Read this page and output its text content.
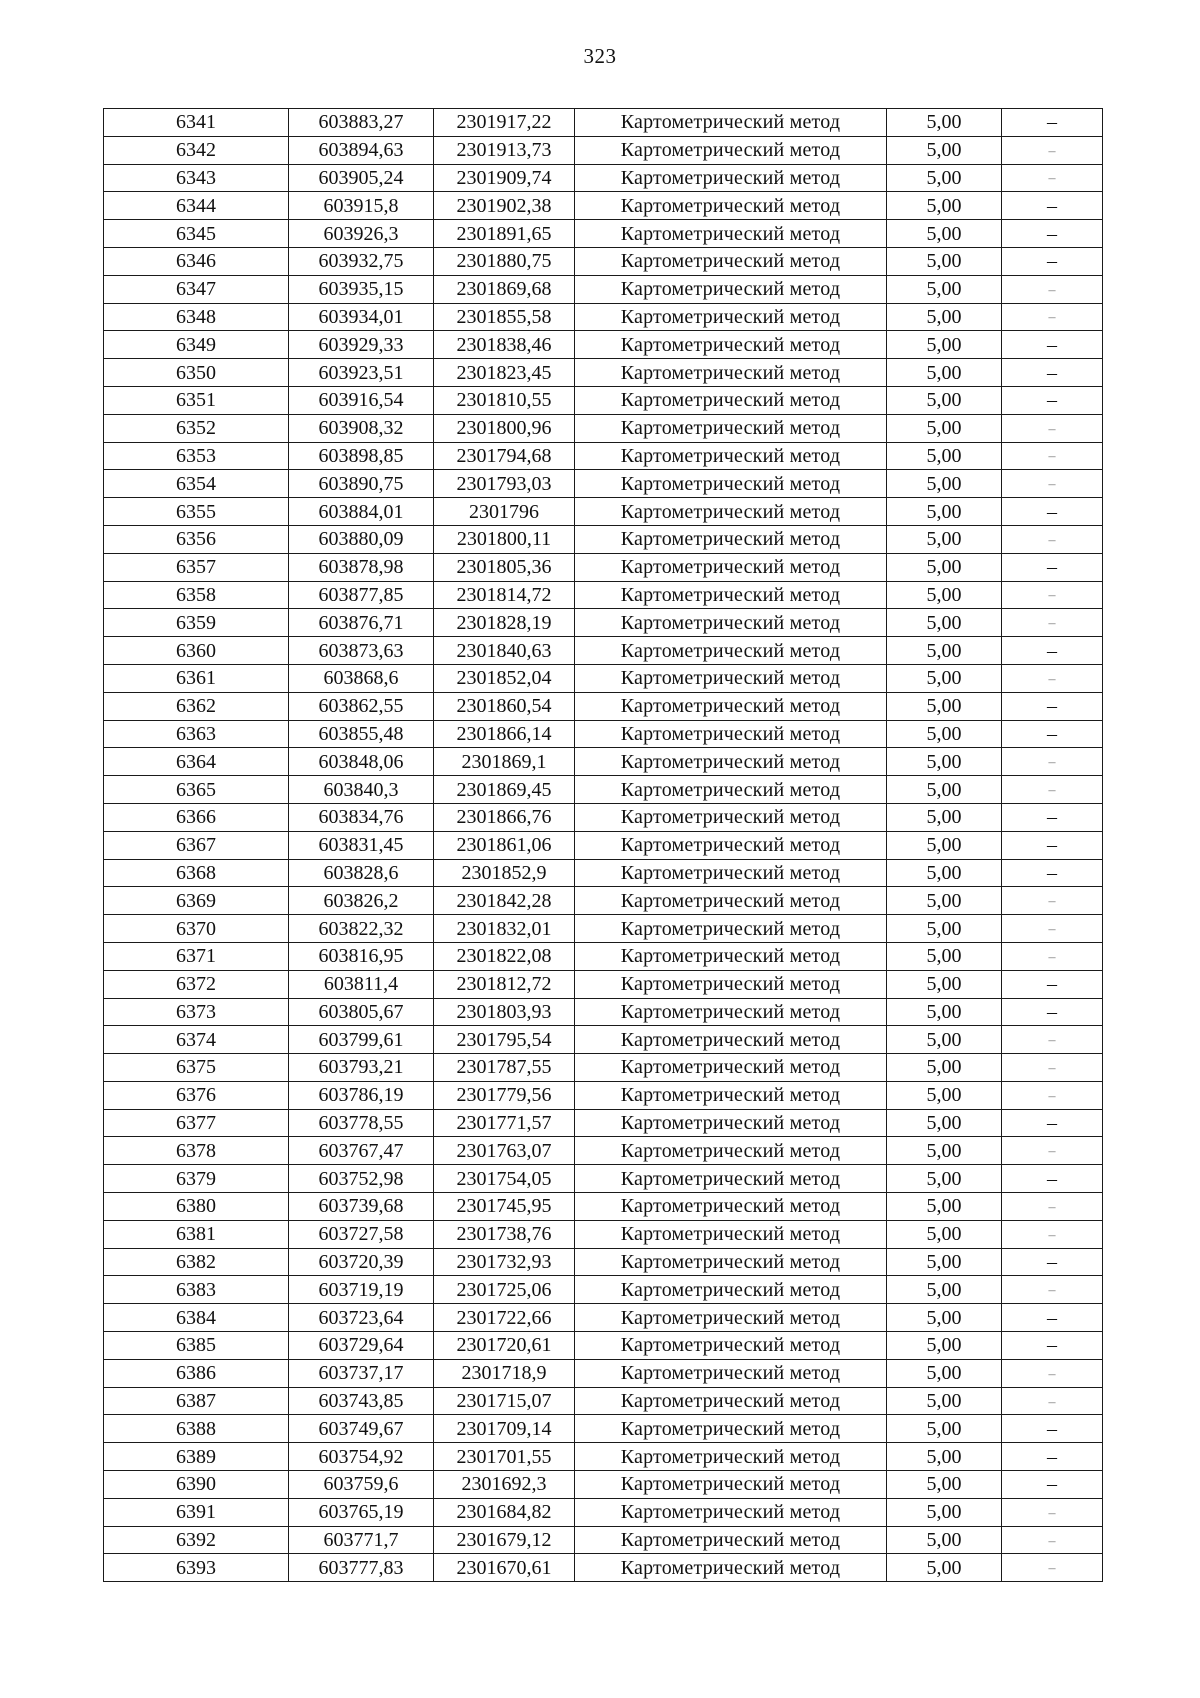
323
6341	603883,27	2301917,22	Картометрический метод	5,00	–
6342	603894,63	2301913,73	Картометрический метод	5,00	–
6343	603905,24	2301909,74	Картометрический метод	5,00	–
6344	603915,8	2301902,38	Картометрический метод	5,00	–
6345	603926,3	2301891,65	Картометрический метод	5,00	–
6346	603932,75	2301880,75	Картометрический метод	5,00	–
6347	603935,15	2301869,68	Картометрический метод	5,00	–
6348	603934,01	2301855,58	Картометрический метод	5,00	–
6349	603929,33	2301838,46	Картометрический метод	5,00	–
6350	603923,51	2301823,45	Картометрический метод	5,00	–
6351	603916,54	2301810,55	Картометрический метод	5,00	–
6352	603908,32	2301800,96	Картометрический метод	5,00	–
6353	603898,85	2301794,68	Картометрический метод	5,00	–
6354	603890,75	2301793,03	Картометрический метод	5,00	–
6355	603884,01	2301796	Картометрический метод	5,00	–
6356	603880,09	2301800,11	Картометрический метод	5,00	–
6357	603878,98	2301805,36	Картометрический метод	5,00	–
6358	603877,85	2301814,72	Картометрический метод	5,00	–
6359	603876,71	2301828,19	Картометрический метод	5,00	–
6360	603873,63	2301840,63	Картометрический метод	5,00	–
6361	603868,6	2301852,04	Картометрический метод	5,00	–
6362	603862,55	2301860,54	Картометрический метод	5,00	–
6363	603855,48	2301866,14	Картометрический метод	5,00	–
6364	603848,06	2301869,1	Картометрический метод	5,00	–
6365	603840,3	2301869,45	Картометрический метод	5,00	–
6366	603834,76	2301866,76	Картометрический метод	5,00	–
6367	603831,45	2301861,06	Картометрический метод	5,00	–
6368	603828,6	2301852,9	Картометрический метод	5,00	–
6369	603826,2	2301842,28	Картометрический метод	5,00	–
6370	603822,32	2301832,01	Картометрический метод	5,00	–
6371	603816,95	2301822,08	Картометрический метод	5,00	–
6372	603811,4	2301812,72	Картометрический метод	5,00	–
6373	603805,67	2301803,93	Картометрический метод	5,00	–
6374	603799,61	2301795,54	Картометрический метод	5,00	–
6375	603793,21	2301787,55	Картометрический метод	5,00	–
6376	603786,19	2301779,56	Картометрический метод	5,00	–
6377	603778,55	2301771,57	Картометрический метод	5,00	–
6378	603767,47	2301763,07	Картометрический метод	5,00	–
6379	603752,98	2301754,05	Картометрический метод	5,00	–
6380	603739,68	2301745,95	Картометрический метод	5,00	–
6381	603727,58	2301738,76	Картометрический метод	5,00	–
6382	603720,39	2301732,93	Картометрический метод	5,00	–
6383	603719,19	2301725,06	Картометрический метод	5,00	–
6384	603723,64	2301722,66	Картометрический метод	5,00	–
6385	603729,64	2301720,61	Картометрический метод	5,00	–
6386	603737,17	2301718,9	Картометрический метод	5,00	–
6387	603743,85	2301715,07	Картометрический метод	5,00	–
6388	603749,67	2301709,14	Картометрический метод	5,00	–
6389	603754,92	2301701,55	Картометрический метод	5,00	–
6390	603759,6	2301692,3	Картометрический метод	5,00	–
6391	603765,19	2301684,82	Картометрический метод	5,00	–
6392	603771,7	2301679,12	Картометрический метод	5,00	–
6393	603777,83	2301670,61	Картометрический метод	5,00	–
